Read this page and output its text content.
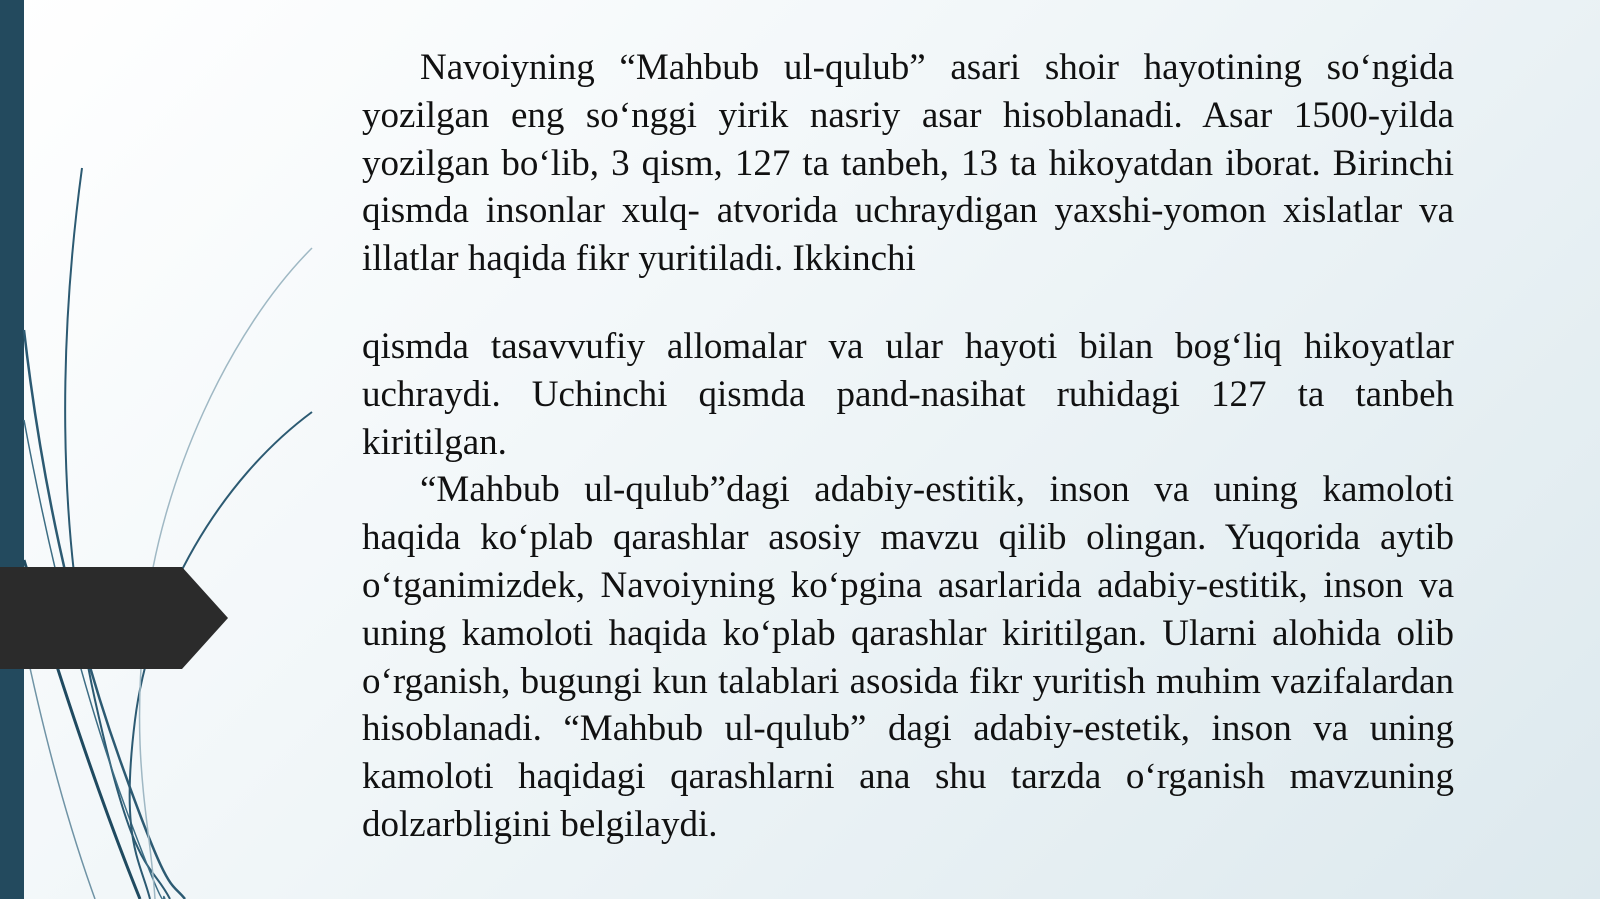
Navoiyning “Mahbub ul-qulub” asari shoir hayotining so‘ngida yozilgan eng so‘nggi yirik nasriy asar hisoblanadi. Asar 1500-yilda yozilgan bo‘lib, 3 qism, 127 ta tanbeh, 13 ta hikoyatdan iborat. Birinchi qismda insonlar xulq- atvorida uchraydigan yaxshi-yomon xislatlar va illatlar haqida fikr yuritiladi. Ikkinchi

qismda tasavvufiy allomalar va ular hayoti bilan bog‘liq hikoyatlar uchraydi. Uchinchi qismda pand-nasihat ruhidagi 127 ta tanbeh kiritilgan.

“Mahbub ul-qulub”dagi adabiy-estitik, inson va uning kamoloti haqida ko‘plab qarashlar asosiy mavzu qilib olingan. Yuqorida aytib o‘tganimizdek, Navoiyning ko‘pgina asarlarida adabiy-estitik, inson va uning kamoloti haqida ko‘plab qarashlar kiritilgan. Ularni alohida olib o‘rganish, bugungi kun talablari asosida fikr yuritish muhim vazifalardan hisoblanadi. “Mahbub ul-qulub” dagi adabiy-estetik, inson va uning kamoloti haqidagi qarashlarni ana shu tarzda o‘rganish mavzuning dolzarbligini belgilaydi.
